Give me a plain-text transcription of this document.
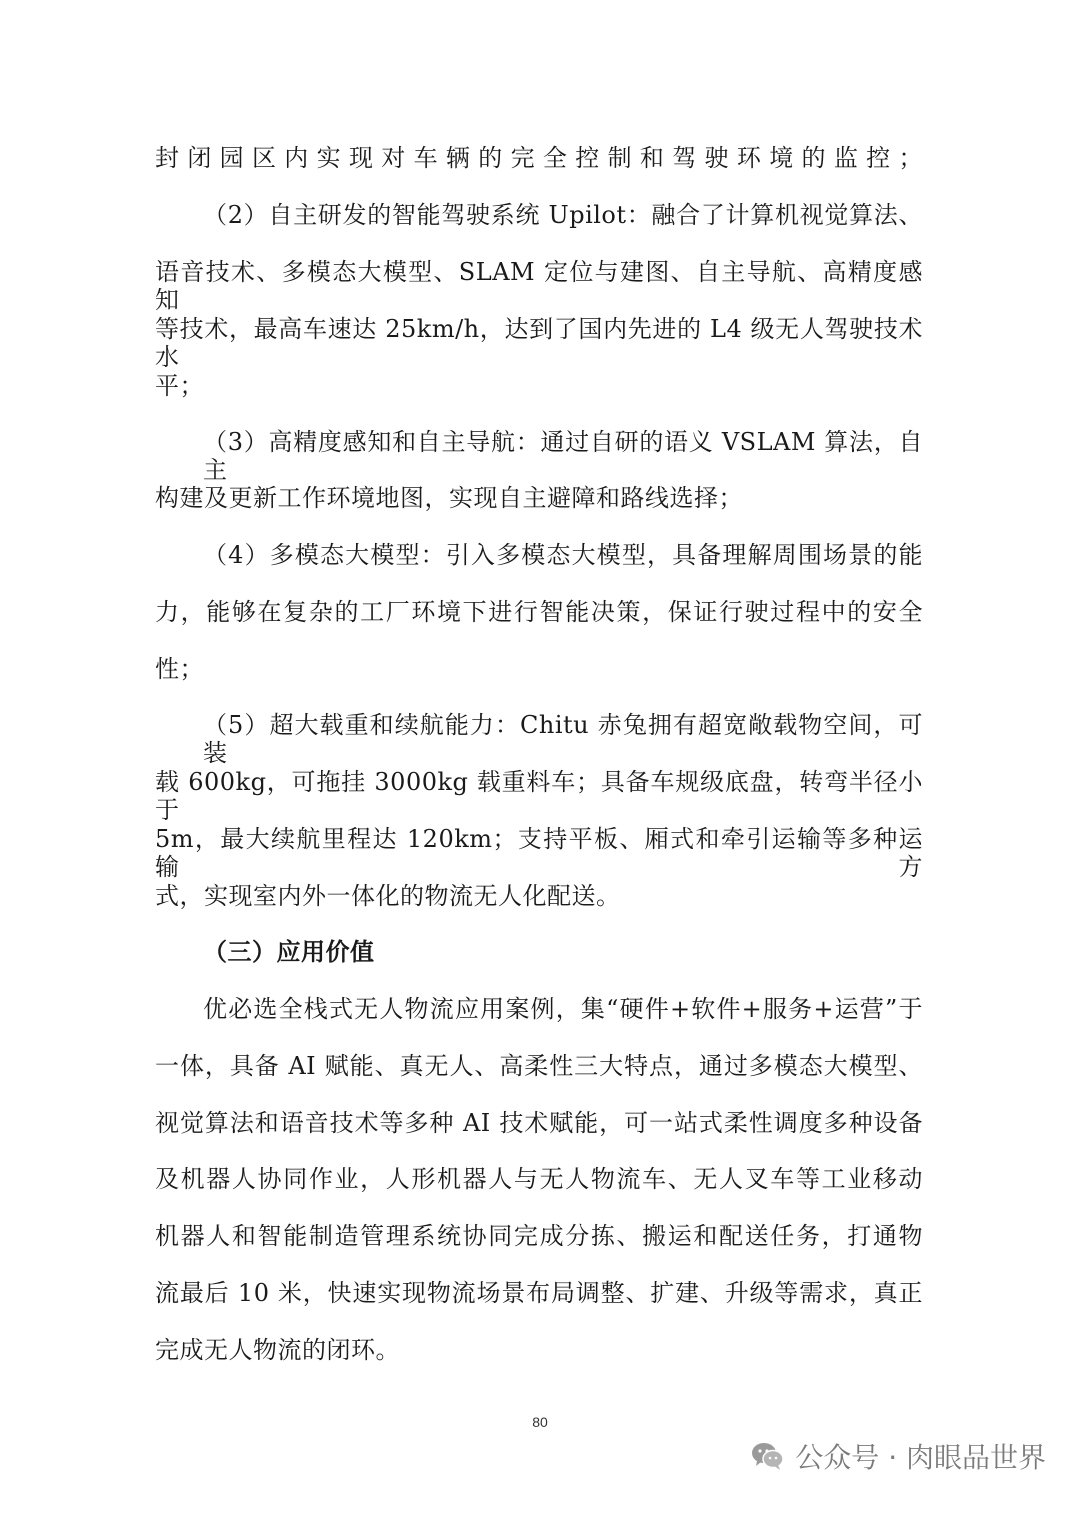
封闭园区内实现对车辆的完全控制和驾驶环境的监控；
（2）自主研发的智能驾驶系统 Upilot：融合了计算机视觉算法、
语音技术、多模态大模型、SLAM 定位与建图、自主导航、高精度感知
等技术，最高车速达 25km/h，达到了国内先进的 L4 级无人驾驶技术水
平；
（3）高精度感知和自主导航：通过自研的语义 VSLAM 算法，自主
构建及更新工作环境地图，实现自主避障和路线选择；
（4）多模态大模型：引入多模态大模型，具备理解周围场景的能
力，能够在复杂的工厂环境下进行智能决策，保证行驶过程中的安全
性；
（5）超大载重和续航能力：Chitu 赤兔拥有超宽敞载物空间，可装
载 600kg，可拖挂 3000kg 载重料车；具备车规级底盘，转弯半径小于
5m，最大续航里程达 120km；支持平板、厢式和牵引运输等多种运输方
式，实现室内外一体化的物流无人化配送。
（三）应用价值
优必选全栈式无人物流应用案例，集“硬件+软件+服务+运营”于
一体，具备 AI 赋能、真无人、高柔性三大特点，通过多模态大模型、
视觉算法和语音技术等多种 AI 技术赋能，可一站式柔性调度多种设备
及机器人协同作业，人形机器人与无人物流车、无人叉车等工业移动
机器人和智能制造管理系统协同完成分拣、搬运和配送任务，打通物
流最后 10 米，快速实现物流场景布局调整、扩建、升级等需求，真正
完成无人物流的闭环。
80
公众号 · 肉眼品世界
